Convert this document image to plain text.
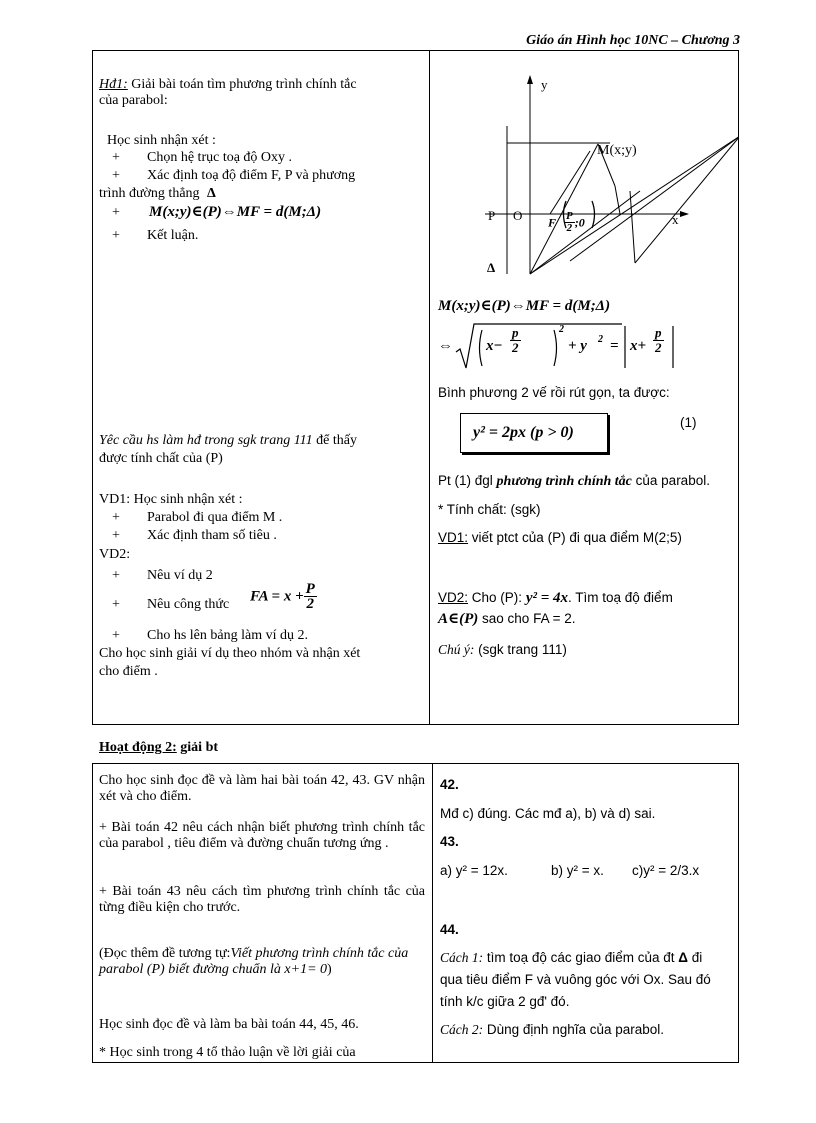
Giáo án Hình học 10NC – Chương 3
Hđ1: Giải bài toán tìm phương trình chính tắc
của parabol:
Học sinh nhận xét :
+ Chọn hệ trục toạ độ Oxy .
+ Xác định toạ độ điểm F, P và phương
trình đường thẳng Δ
+ M(x;y)∈(P)⇔MF = d(M;Δ)
+ Kết luận.
Yêc cầu hs làm hđ trong sgk trang 111 để thấy
được tính chất của (P)
VD1: Học sinh nhận xét :
+ Parabol đi qua điểm M .
+ Xác định tham số tiêu .
VD2:
+ Nêu ví dụ 2
+ Nêu công thức FA = $x + \frac{P}{2}$
+ Cho hs lên bảng làm ví dụ 2.
Cho học sinh giải ví dụ theo nhóm và nhận xét
cho điểm .
y
x
M(x;y)
P O F $\frac{P}{2}$ ;0
Δ
M(x;y)∈(P)⇔MF = d(M;Δ)
⇔ $x- \frac{p}{2}$	2
+ y $2 = x+ \frac{p}{2}$
Bình phương 2 vế rồi rút gọn, ta được:
y² = 2px (p > 0)
(1)
Pt (1) đgl phương trình chính tắc của parabol.
* Tính chất: (sgk)
VD1: viết ptct của (P) đi qua điểm M(2;5)
VD2: Cho (P): y² = 4x. Tìm toạ độ điểm
A∈(P) sao cho FA = 2.
Chú ý: (sgk trang 111)
Hoạt động 2: giải bt
Cho học sinh đọc đề và làm hai bài toán 42, 43. GV nhận xét và cho điểm.
+ Bài toán 42 nêu cách nhận biết phương trình chính tắc của parabol , tiêu điểm và đường chuẩn tương ứng .
+ Bài toán 43 nêu cách tìm phương trình chính tắc của từng điều kiện cho trước.
(Đọc thêm đề tương tự:Viết phương trình chính tắc của parabol (P) biết đường chuẩn là x+1= 0)
Học sinh đọc đề và làm ba bài toán 44, 45, 46.
* Học sinh trong 4 tổ thảo luận về lời giải của
42.
Mđ c) đúng. Các mđ a), b) và d) sai.
43.
a) y² = 12x.	b) y² = x. c)y² = 2/3.x
44.
Cách 1: tìm toạ độ các giao điểm của đt Δ đi
qua tiêu điểm F và vuông góc với Ox. Sau đó
tính k/c giữa 2 gđ' đó.
Cách 2: Dùng định nghĩa của parabol.
